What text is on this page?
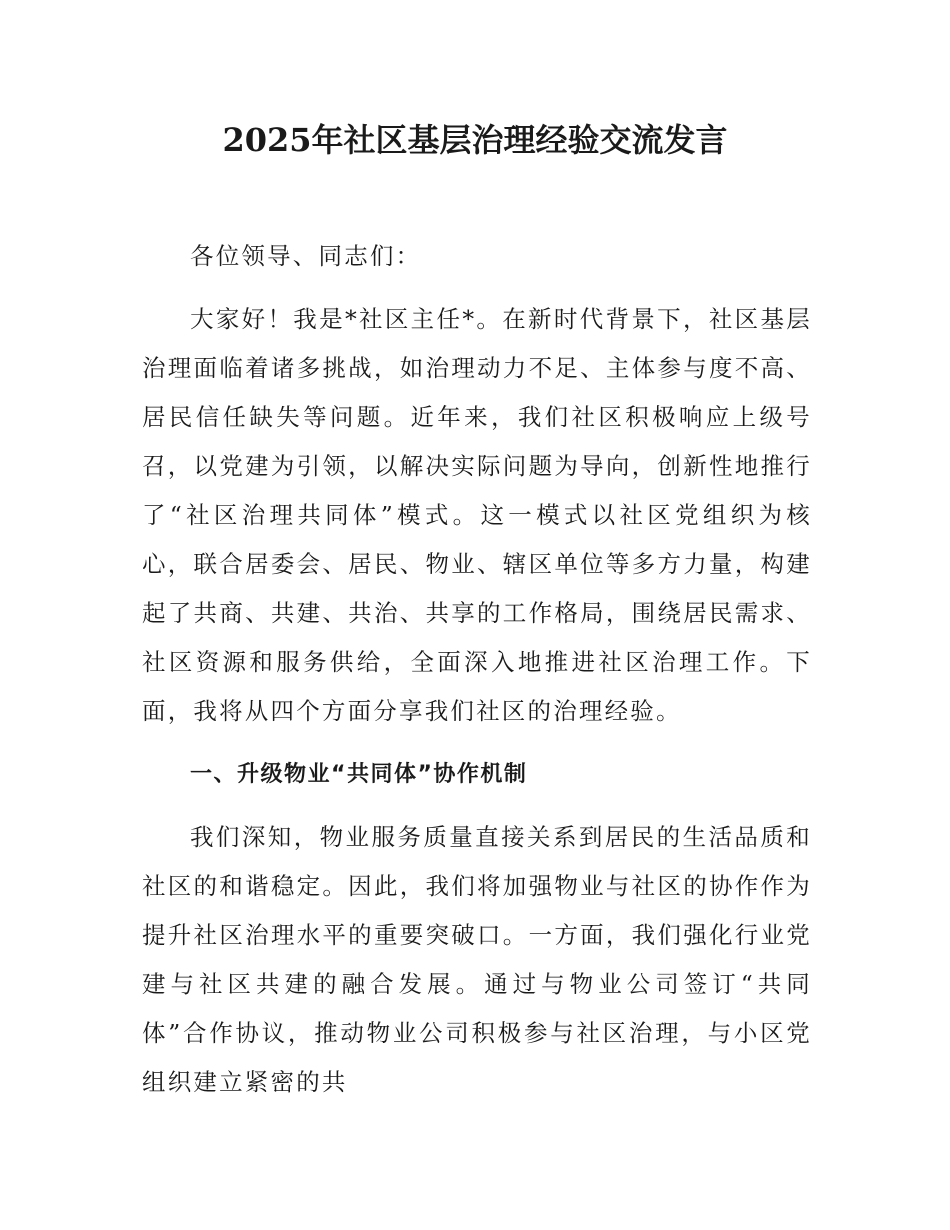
2025年社区基层治理经验交流发言

各位领导、同志们：

大家好！我是*社区主任*。在新时代背景下，社区基层治理面临着诸多挑战，如治理动力不足、主体参与度不高、居民信任缺失等问题。近年来，我们社区积极响应上级号召，以党建为引领，以解决实际问题为导向，创新性地推行了“社区治理共同体”模式。这一模式以社区党组织为核心，联合居委会、居民、物业、辖区单位等多方力量，构建起了共商、共建、共治、共享的工作格局，围绕居民需求、社区资源和服务供给，全面深入地推进社区治理工作。下面，我将从四个方面分享我们社区的治理经验。

一、升级物业“共同体”协作机制

我们深知，物业服务质量直接关系到居民的生活品质和社区的和谐稳定。因此，我们将加强物业与社区的协作作为提升社区治理水平的重要突破口。一方面，我们强化行业党建与社区共建的融合发展。通过与物业公司签订“共同体”合作协议，推动物业公司积极参与社区治理，与小区党组织建立紧密的共
